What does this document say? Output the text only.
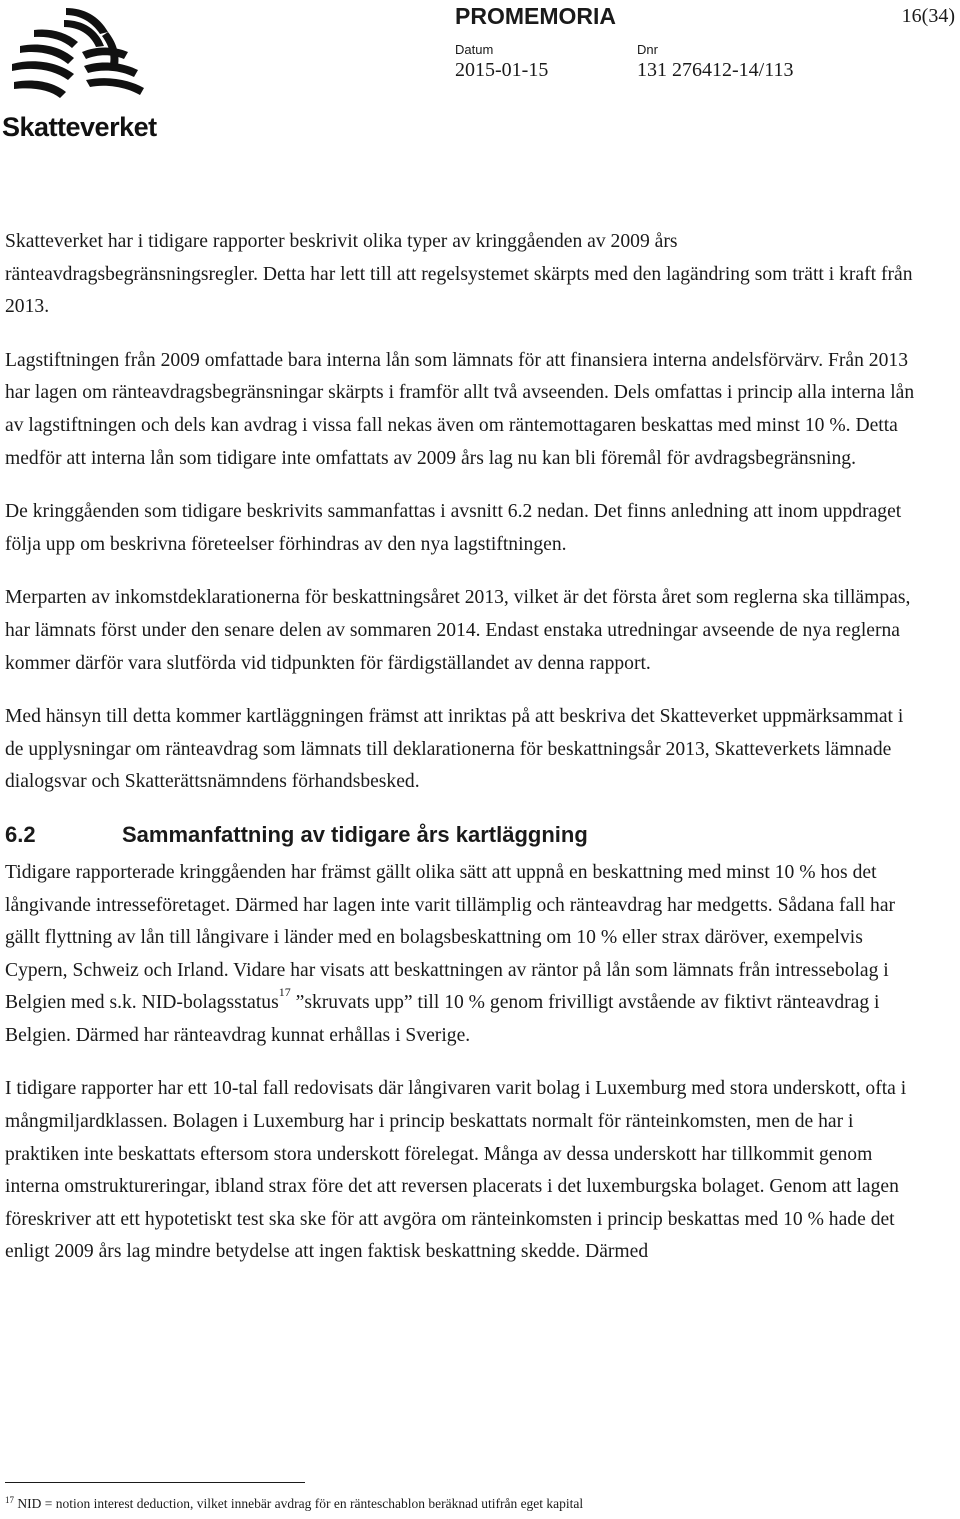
Skatteverket
PROMEMORIA	16(34)
Datum
2015-01-15
Dnr
131 276412-14/113

Skatteverket har i tidigare rapporter beskrivit olika typer av kringgåenden av 2009 års ränteavdragsbegränsningsregler. Detta har lett till att regelsystemet skärpts med den lagändring som trätt i kraft från 2013.

Lagstiftningen från 2009 omfattade bara interna lån som lämnats för att finansiera interna andelsförvärv. Från 2013 har lagen om ränteavdragsbegränsningar skärpts i framför allt två avseenden. Dels omfattas i princip alla interna lån av lagstiftningen och dels kan avdrag i vissa fall nekas även om räntemottagaren beskattas med minst 10 %. Detta medför att interna lån som tidigare inte omfattats av 2009 års lag nu kan bli föremål för avdragsbegränsning.

De kringgåenden som tidigare beskrivits sammanfattas i avsnitt 6.2 nedan. Det finns anledning att inom uppdraget följa upp om beskrivna företeelser förhindras av den nya lagstiftningen.

Merparten av inkomstdeklarationerna för beskattningsåret 2013, vilket är det första året som reglerna ska tillämpas, har lämnats först under den senare delen av sommaren 2014. Endast enstaka utredningar avseende de nya reglerna kommer därför vara slutförda vid tidpunkten för färdigställandet av denna rapport.

Med hänsyn till detta kommer kartläggningen främst att inriktas på att beskriva det Skatteverket uppmärksammat i de upplysningar om ränteavdrag som lämnats till deklarationerna för beskattningsår 2013, Skatteverkets lämnade dialogsvar och Skatterättsnämndens förhandsbesked.

6.2	Sammanfattning av tidigare års kartläggning

Tidigare rapporterade kringgåenden har främst gällt olika sätt att uppnå en beskattning med minst 10 % hos det långivande intresseföretaget. Därmed har lagen inte varit tillämplig och ränteavdrag har medgetts. Sådana fall har gällt flyttning av lån till långivare i länder med en bolagsbeskattning om 10 % eller strax däröver, exempelvis Cypern, Schweiz och Irland. Vidare har visats att beskattningen av räntor på lån som lämnats från intressebolag i Belgien med s.k. NID-bolagsstatus$^{17}$ ”skruvats upp” till 10 % genom frivilligt avstående av fiktivt ränteavdrag i Belgien. Därmed har ränteavdrag kunnat erhållas i Sverige.

I tidigare rapporter har ett 10-tal fall redovisats där långivaren varit bolag i Luxemburg med stora underskott, ofta i mångmiljardklassen. Bolagen i Luxemburg har i princip beskattats normalt för ränteinkomsten, men de har i praktiken inte beskattats eftersom stora underskott förelegat. Många av dessa underskott har tillkommit genom interna omstruktureringar, ibland strax före det att reversen placerats i det luxemburgska bolaget. Genom att lagen föreskriver att ett hypotetiskt test ska ske för att avgöra om ränteinkomsten i princip beskattas med 10 % hade det enligt 2009 års lag mindre betydelse att ingen faktisk beskattning skedde. Därmed

$^{17}$ NID = notion interest deduction, vilket innebär avdrag för en ränteschablon beräknad utifrån eget kapital
